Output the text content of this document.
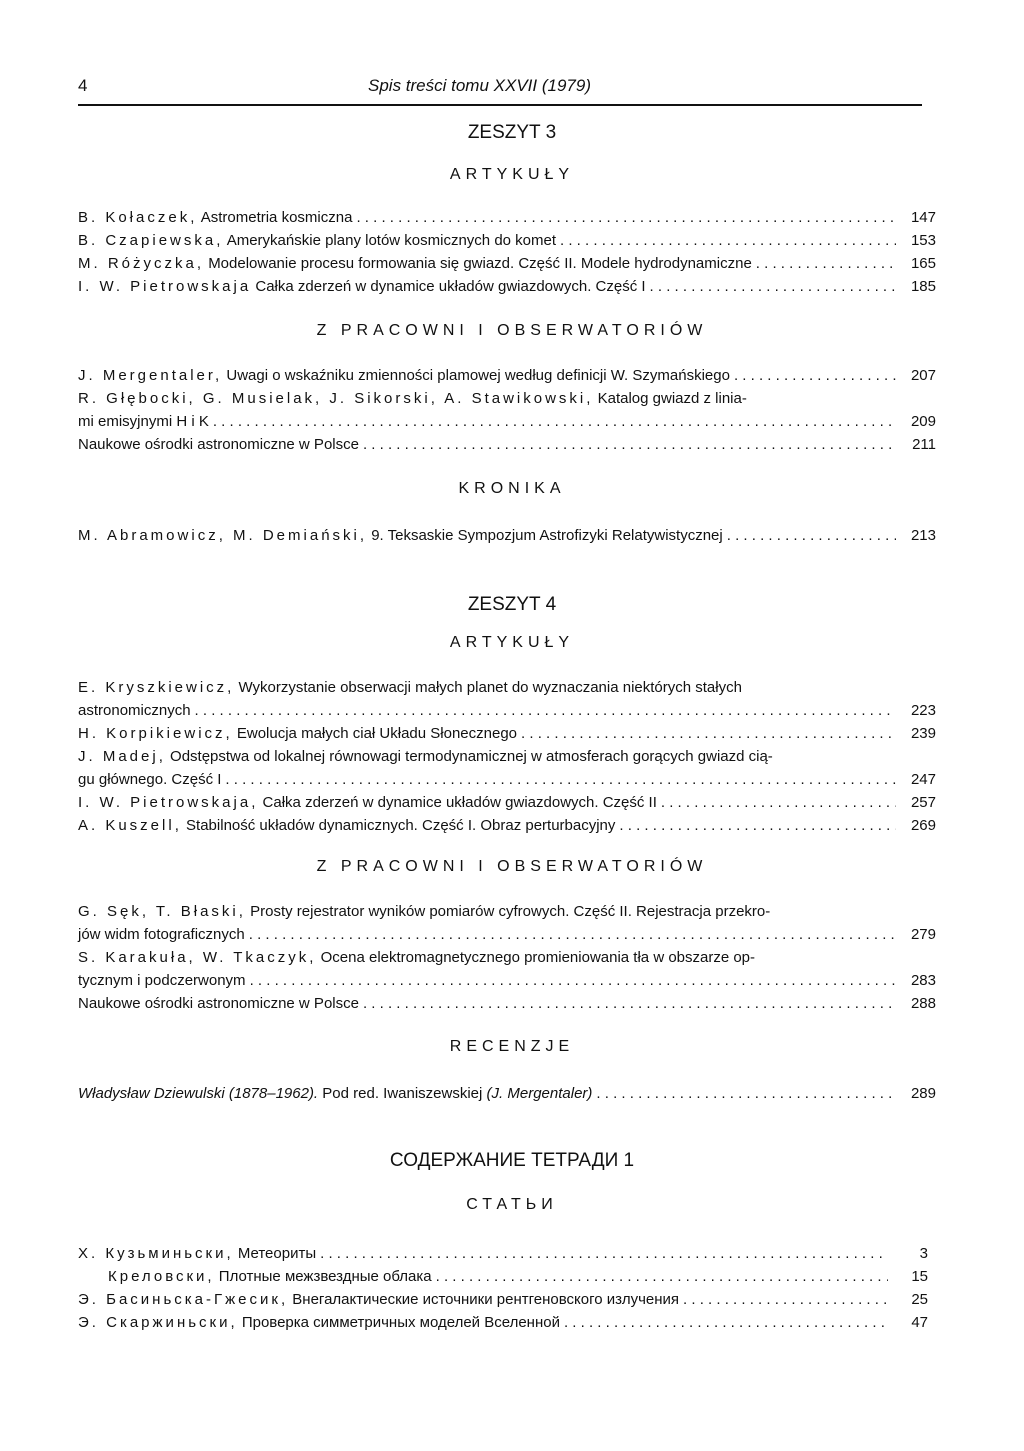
4	Spis treści tomu XXVII (1979)
ZESZYT 3
ARTYKUŁY
B. Kołaczek, Astrometria kosmiczna . . .	147
B. Czapiewska, Amerykańskie plany lotów kosmicznych do komet . . .	153
M. Różyczka, Modelowanie procesu formowania się gwiazd. Część II. Modele hydrodynamiczne . . .	165
I. W. Pietrowskaja Całka zderzeń w dynamice układów gwiazdowych. Część I . . .	185
Z PRACOWNI I OBSERWATORIÓW
J. Mergentaler, Uwagi o wskaźniku zmienności plamowej według definicji W. Szymańskiego . . .	207
R. Głębocki, G. Musielak, J. Sikorski, A. Stawikowski, Katalog gwiazd z linia-
mi emisyjnymi H i K . . .	209
Naukowe ośrodki astronomiczne w Polsce . . .	211
KRONIKA
M. Abramowicz, M. Demiański, 9. Teksaskie Sympozjum Astrofizyki Relatywistycznej . . .	213
ZESZYT 4
ARTYKUŁY
E. Kryszkiewicz, Wykorzystanie obserwacji małych planet do wyznaczania niektórych stałych
astronomicznych . . .	223
H. Korpikiewicz, Ewolucja małych ciał Układu Słonecznego . . .	239
J. Madej, Odstępstwa od lokalnej równowagi termodynamicznej w atmosferach gorących gwiazd cią-
gu głównego. Część I . . .	247
I. W. Pietrowskaja, Całka zderzeń w dynamice układów gwiazdowych. Część II . . .	257
A. Kuszell, Stabilność układów dynamicznych. Część I. Obraz perturbacyjny . . .	269
Z PRACOWNI I OBSERWATORIÓW
G. Sęk, T. Błaski, Prosty rejestrator wyników pomiarów cyfrowych. Część II. Rejestracja przekro-
jów widm fotograficznych . . .	279
S. Karakuła, W. Tkaczyk, Ocena elektromagnetycznego promieniowania tła w obszarze op-
tycznym i podczerwonym . . .	283
Naukowe ośrodki astronomiczne w Polsce . . .	288
RECENZJE
Władysław Dziewulski (1878–1962). Pod red. Iwaniszewskiej (J. Mergentaler) . . .	289
СОДЕРЖАНИЕ ТЕТРАДИ 1
СТАТЬИ
Х. Кузьминьски, Метеориты . . .	3
Креловски, Плотные межзвездные облака . . .	15
Э. Басиньска-Гжесик, Внегалактические источники рентгеновского излучения . . .	25
Э. Скаржиньски, Проверка симметричных моделей Вселенной . . .	47
